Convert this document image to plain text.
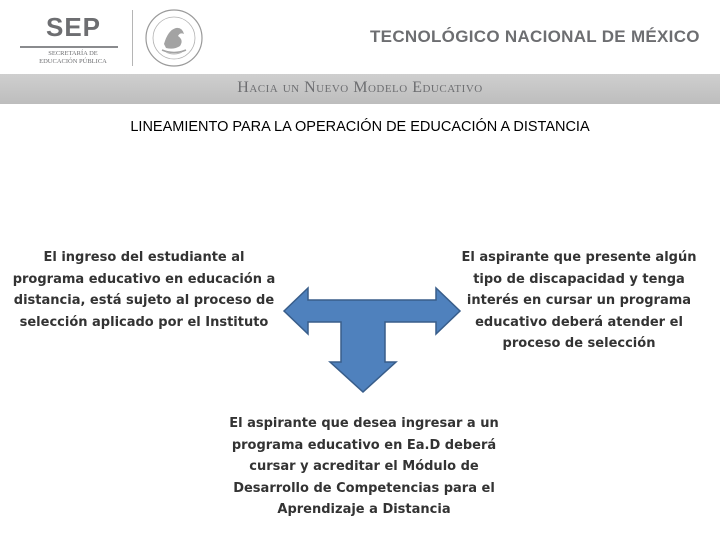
SEP
SECRETARÍA DE
EDUCACIÓN PÚBLICA
TECNOLÓGICO NACIONAL DE MÉXICO
Hacia un Nuevo Modelo Educativo
LINEAMIENTO PARA LA OPERACIÓN DE EDUCACIÓN A DISTANCIA
El ingreso del estudiante al
programa educativo en educación a
distancia, está sujeto al proceso de
selección aplicado por el Instituto
El aspirante que presente algún
tipo de discapacidad y tenga
interés en cursar un programa
educativo deberá atender el
proceso de selección
El aspirante que desea ingresar a un
programa educativo en Ea.D deberá
cursar y acreditar el Módulo de
Desarrollo de Competencias para el
Aprendizaje a Distancia
